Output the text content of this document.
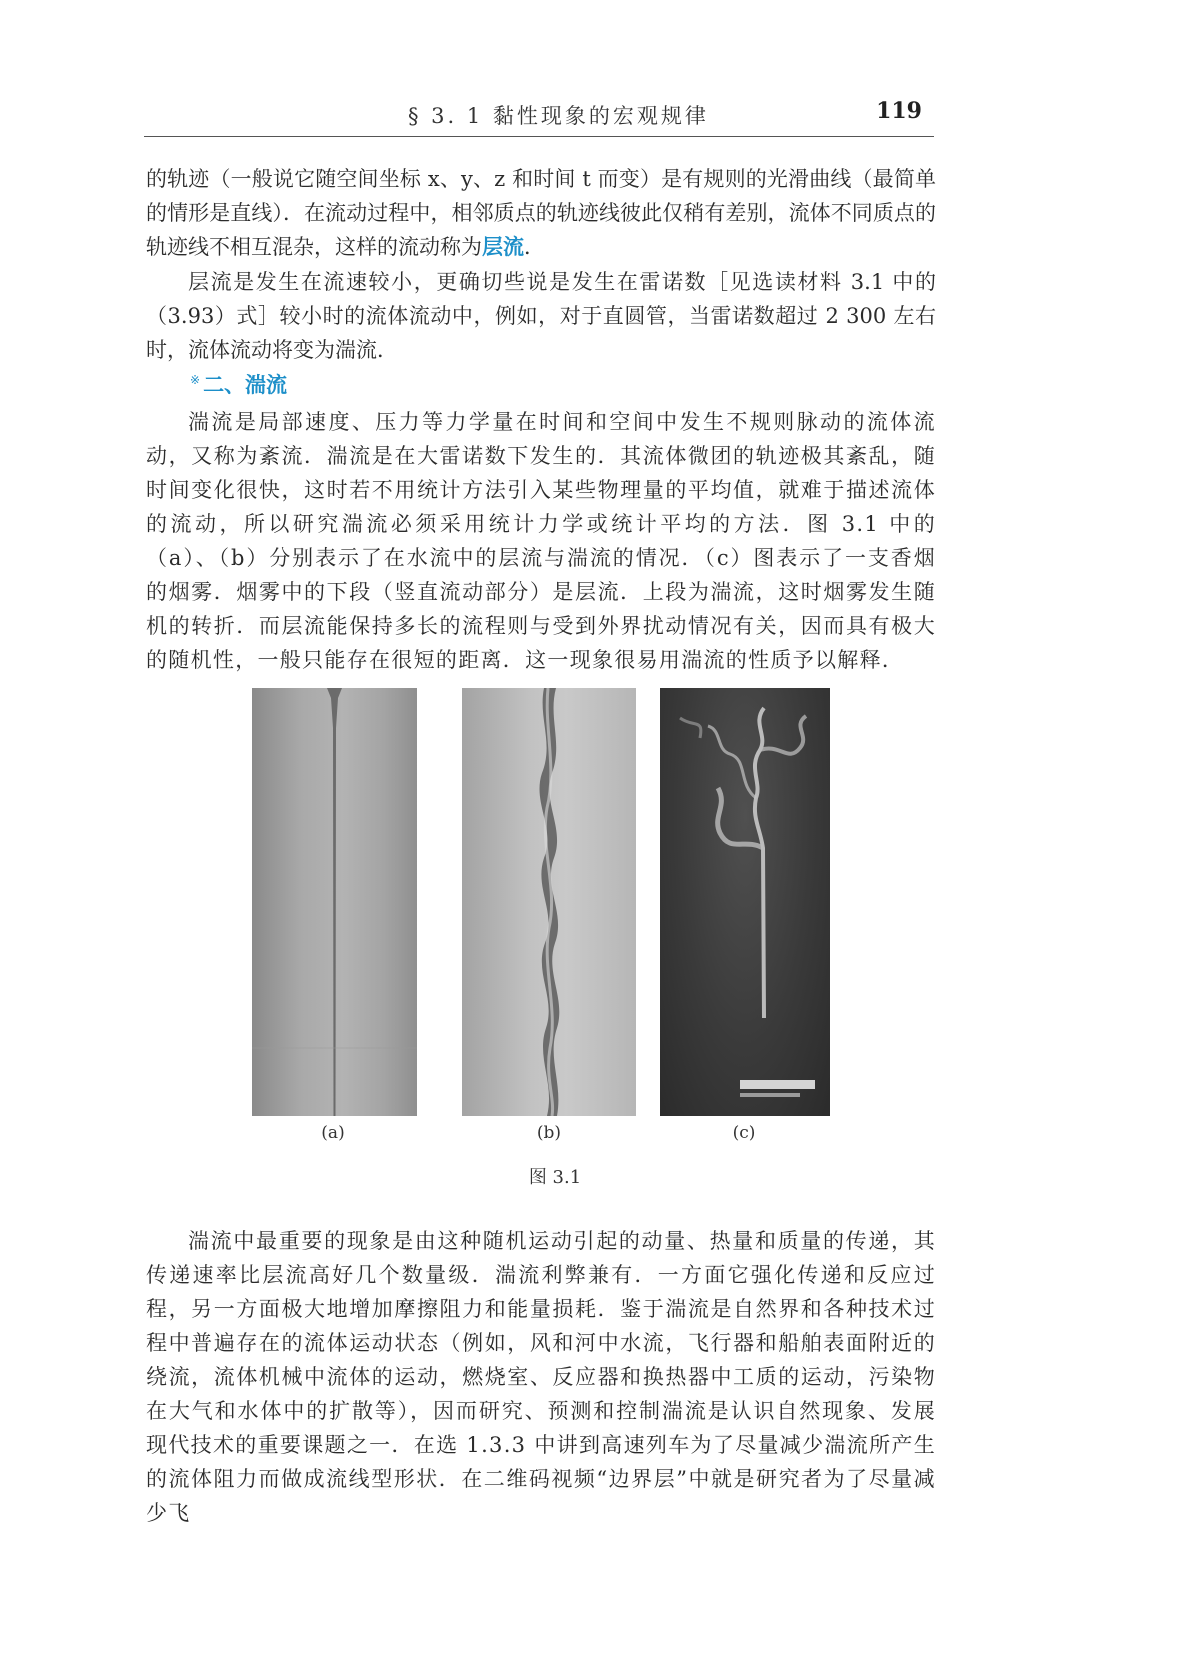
§ 3. 1 黏性现象的宏观规律	119
的轨迹（一般说它随空间坐标 x、y、z 和时间 t 而变）是有规则的光滑曲线（最简单的情形是直线）．在流动过程中，相邻质点的轨迹线彼此仅稍有差别，流体不同质点的轨迹线不相互混杂，这样的流动称为层流．
层流是发生在流速较小，更确切些说是发生在雷诺数［见选读材料 3.1 中的（3.93）式］较小时的流体流动中，例如，对于直圆管，当雷诺数超过 2 300 左右时，流体流动将变为湍流．
※ 二、湍流
湍流是局部速度、压力等力学量在时间和空间中发生不规则脉动的流体流动，又称为紊流．湍流是在大雷诺数下发生的．其流体微团的轨迹极其紊乱，随时间变化很快，这时若不用统计方法引入某些物理量的平均值，就难于描述流体的流动，所以研究湍流必须采用统计力学或统计平均的方法．图 3.1 中的（a）、（b）分别表示了在水流中的层流与湍流的情况．（c）图表示了一支香烟的烟雾．烟雾中的下段（竖直流动部分）是层流．上段为湍流，这时烟雾发生随机的转折．而层流能保持多长的流程则与受到外界扰动情况有关，因而具有极大的随机性，一般只能存在很短的距离．这一现象很易用湍流的性质予以解释．
(a)	(b)	(c)
图 3.1
湍流中最重要的现象是由这种随机运动引起的动量、热量和质量的传递，其传递速率比层流高好几个数量级．湍流利弊兼有．一方面它强化传递和反应过程，另一方面极大地增加摩擦阻力和能量损耗．鉴于湍流是自然界和各种技术过程中普遍存在的流体运动状态（例如，风和河中水流，飞行器和船舶表面附近的绕流，流体机械中流体的运动，燃烧室、反应器和换热器中工质的运动，污染物在大气和水体中的扩散等），因而研究、预测和控制湍流是认识自然现象、发展现代技术的重要课题之一．在选 1.3.3 中讲到高速列车为了尽量减少湍流所产生的流体阻力而做成流线型形状．在二维码视频“边界层”中就是研究者为了尽量减少飞
